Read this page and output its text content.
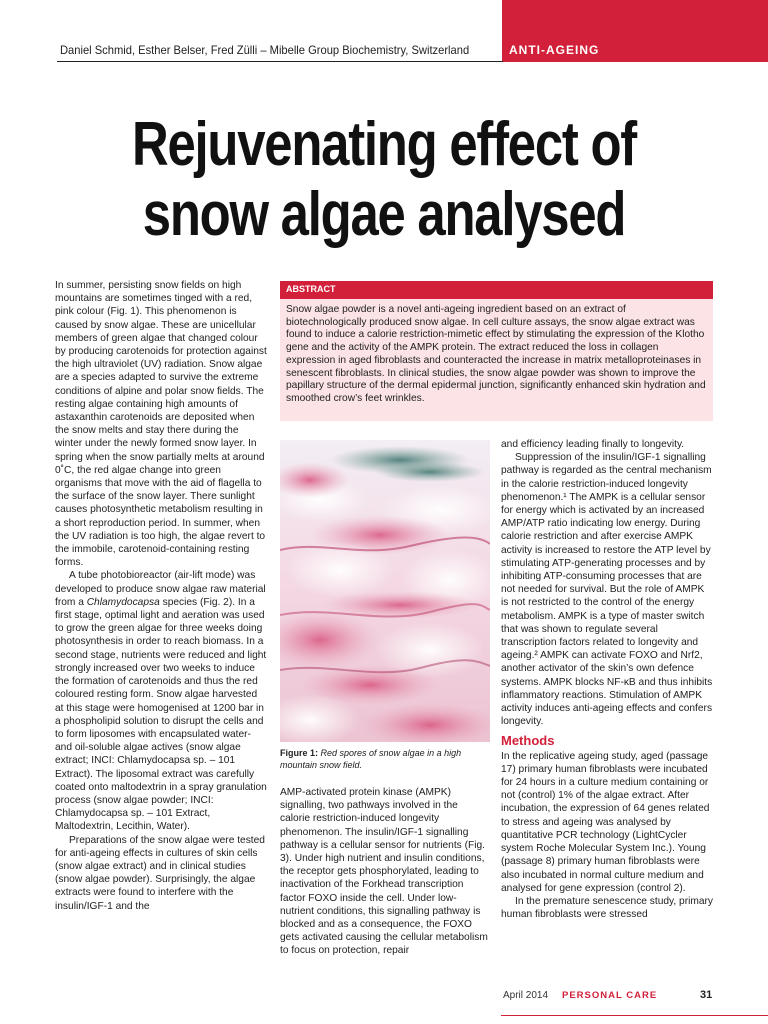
ANTI-AGEING
Daniel Schmid, Esther Belser, Fred Zülli – Mibelle Group Biochemistry, Switzerland
Rejuvenating effect of
snow algae analysed

In summer, persisting snow fields on high mountains are sometimes tinged with a red, pink colour (Fig. 1). This phenomenon is caused by snow algae. These are unicellular members of green algae that changed colour by producing carotenoids for protection against the high ultraviolet (UV) radiation. Snow algae are a species adapted to survive the extreme conditions of alpine and polar snow fields. The resting algae containing high amounts of astaxanthin carotenoids are deposited when the snow melts and stay there during the winter under the newly formed snow layer. In spring when the snow partially melts at around 0˚C, the red algae change into green organisms that move with the aid of flagella to the surface of the snow layer. There sunlight causes photosynthetic metabolism resulting in a short reproduction period. In summer, when the UV radiation is too high, the algae revert to the immobile, carotenoid-containing resting forms.

A tube photobioreactor (air-lift mode) was developed to produce snow algae raw material from a Chlamydocapsa species (Fig. 2). In a first stage, optimal light and aeration was used to grow the green algae for three weeks doing photosynthesis in order to reach biomass. In a second stage, nutrients were reduced and light strongly increased over two weeks to induce the formation of carotenoids and thus the red coloured resting form. Snow algae harvested at this stage were homogenised at 1200 bar in a phospholipid solution to disrupt the cells and to form liposomes with encapsulated water- and oil-soluble algae actives (snow algae extract; INCI: Chlamydocapsa sp. – 101 Extract). The liposomal extract was carefully coated onto maltodextrin in a spray granulation process (snow algae powder; INCI: Chlamydocapsa sp. – 101 Extract, Maltodextrin, Lecithin, Water).

Preparations of the snow algae were tested for anti-ageing effects in cultures of skin cells (snow algae extract) and in clinical studies (snow algae powder). Surprisingly, the algae extracts were found to interfere with the insulin/IGF-1 and the

ABSTRACT

Snow algae powder is a novel anti-ageing ingredient based on an extract of biotechnologically produced snow algae. In cell culture assays, the snow algae extract was found to induce a calorie restriction-mimetic effect by stimulating the expression of the Klotho gene and the activity of the AMPK protein. The extract reduced the loss in collagen expression in aged fibroblasts and counteracted the increase in matrix metalloproteinases in senescent fibroblasts. In clinical studies, the snow algae powder was shown to improve the papillary structure of the dermal epidermal junction, significantly enhanced skin hydration and smoothed crow’s feet wrinkles.

Figure 1: Red spores of snow algae in a high mountain snow field.

AMP-activated protein kinase (AMPK) signalling, two pathways involved in the calorie restriction-induced longevity phenomenon. The insulin/IGF-1 signalling pathway is a cellular sensor for nutrients (Fig. 3). Under high nutrient and insulin conditions, the receptor gets phosphorylated, leading to inactivation of the Forkhead transcription factor FOXO inside the cell. Under low-nutrient conditions, this signalling pathway is blocked and as a consequence, the FOXO gets activated causing the cellular metabolism to focus on protection, repair

and efficiency leading finally to longevity.

Suppression of the insulin/IGF-1 signalling pathway is regarded as the central mechanism in the calorie restriction-induced longevity phenomenon.¹ The AMPK is a cellular sensor for energy which is activated by an increased AMP/ATP ratio indicating low energy. During calorie restriction and after exercise AMPK activity is increased to restore the ATP level by stimulating ATP-generating processes and by inhibiting ATP-consuming processes that are not needed for survival. But the role of AMPK is not restricted to the control of the energy metabolism. AMPK is a type of master switch that was shown to regulate several transcription factors related to longevity and ageing.² AMPK can activate FOXO and Nrf2, another activator of the skin’s own defence systems. AMPK blocks NF-κB and thus inhibits inflammatory reactions. Stimulation of AMPK activity induces anti-ageing effects and confers longevity.

Methods

In the replicative ageing study, aged (passage 17) primary human fibroblasts were incubated for 24 hours in a culture medium containing or not (control) 1% of the algae extract. After incubation, the expression of 64 genes related to stress and ageing was analysed by quantitative PCR technology (LightCycler system Roche Molecular System Inc.). Young (passage 8) primary human fibroblasts were also incubated in normal culture medium and analysed for gene expression (control 2).

In the premature senescence study, primary human fibroblasts were stressed

April 2014 PERSONAL CARE	31
